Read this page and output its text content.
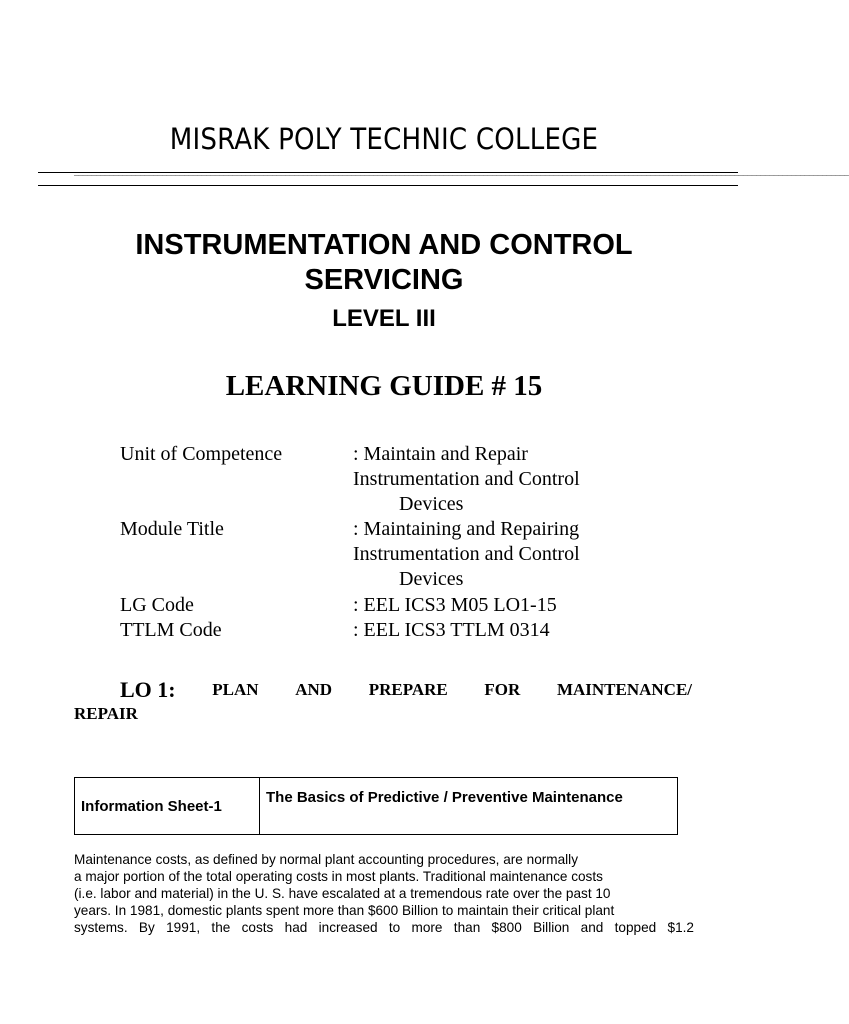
MISRAK POLY TECHNIC COLLEGE
________________________________________________________________________________________________________________________________________________________________________________
INSTRUMENTATION AND CONTROL
SERVICING
LEVEL III
LEARNING GUIDE # 15
Unit of Competence	: Maintain and Repair
Instrumentation and Control
Devices
Module Title	: Maintaining and Repairing
Instrumentation and Control
Devices
LG Code	: EEL ICS3 M05 LO1-15
TTLM Code	: EEL ICS3 TTLM 0314
LO 1: PLAN AND PREPARE FOR MAINTENANCE/
REPAIR
Information Sheet-1	The Basics of Predictive / Preventive Maintenance
Maintenance costs, as defined by normal plant accounting procedures, are normally
a major portion of the total operating costs in most plants. Traditional maintenance costs
(i.e. labor and material) in the U. S. have escalated at a tremendous rate over the past 10
years. In 1981, domestic plants spent more than $600 Billion to maintain their critical plant
systems. By 1991, the costs had increased to more than $800 Billion and topped $1.2
